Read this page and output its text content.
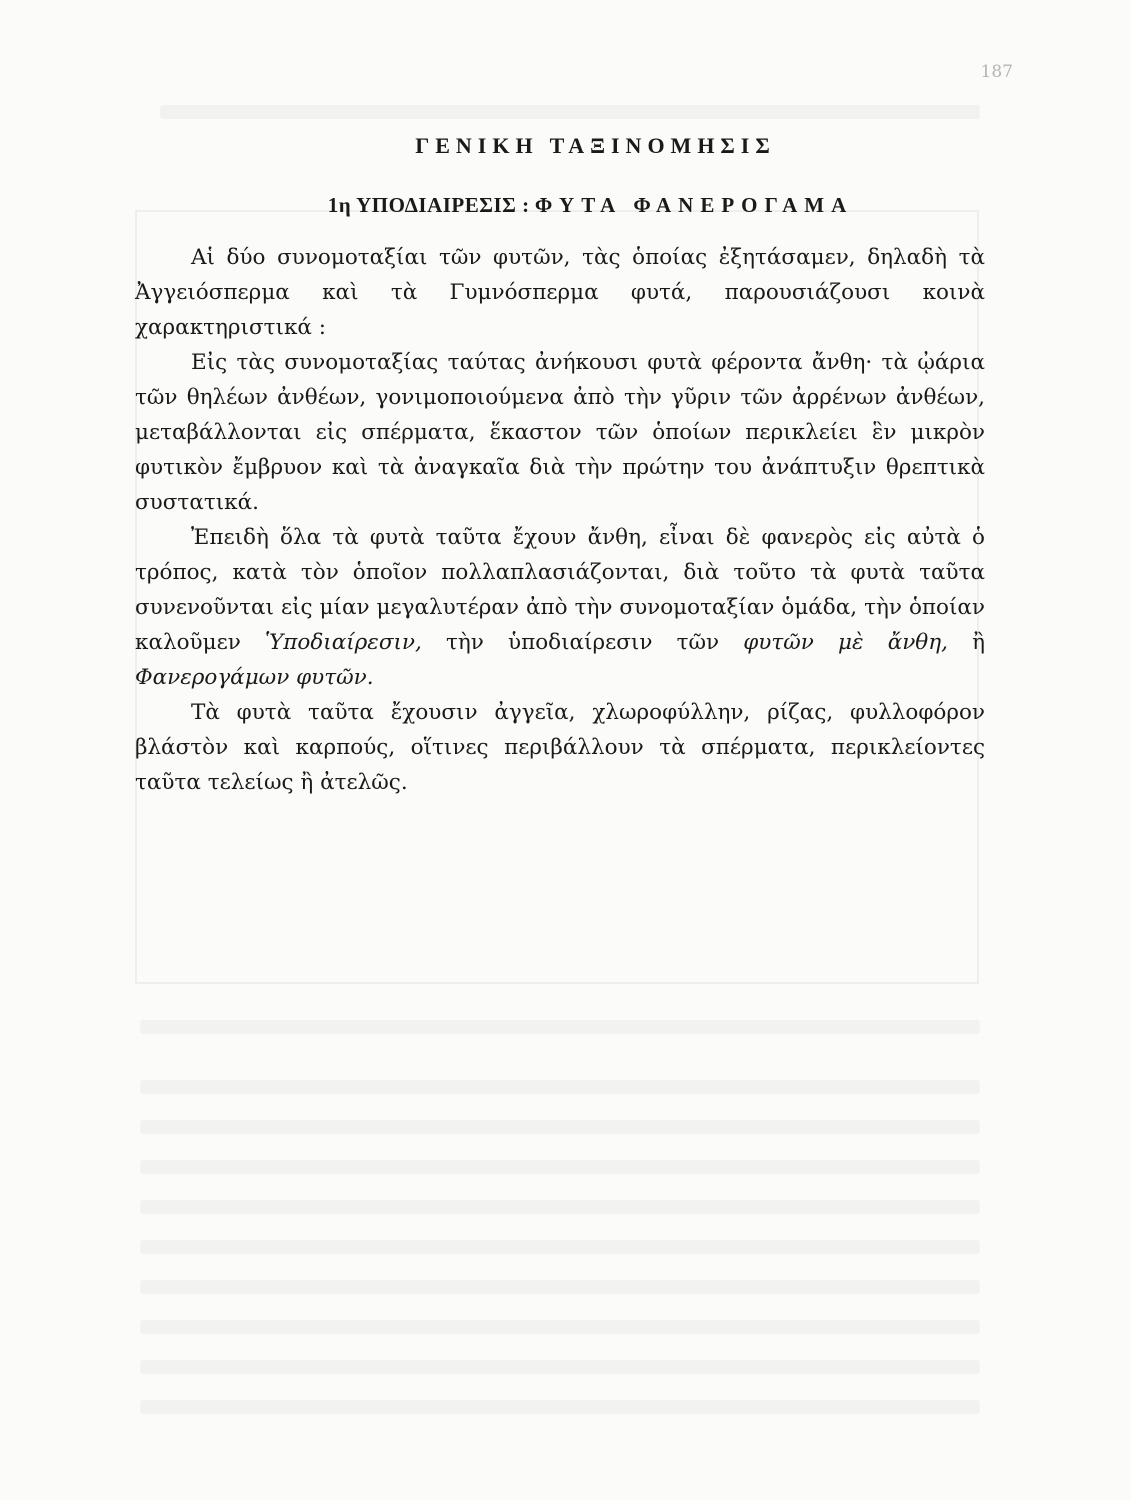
187
ΓΕΝΙΚΗ ΤΑΞΙΝΟΜΗΣΙΣ
1η ΥΠΟΔΙΑΙΡΕΣΙΣ : ΦΥΤΑ ΦΑΝΕΡΟΓΑΜΑ

Αἱ δύο συνομοταξίαι τῶν φυτῶν, τὰς ὁποίας ἐξητάσαμεν, δηλαδὴ τὰ Ἀγγειόσπερμα καὶ τὰ Γυμνόσπερμα φυτά, παρουσιάζουσι κοινὰ χαρακτηριστικά :

Εἰς τὰς συνομοταξίας ταύτας ἀνήκουσι φυτὰ φέροντα ἄνθη· τὰ ᾠάρια τῶν θηλέων ἀνθέων, γονιμοποιούμενα ἀπὸ τὴν γῦριν τῶν ἀρρένων ἀνθέων, μεταβάλλονται εἰς σπέρματα, ἕκαστον τῶν ὁποίων περικλείει ἓν μικρὸν φυτικὸν ἔμβρυον καὶ τὰ ἀναγκαῖα διὰ τὴν πρώτην του ἀνάπτυξιν θρεπτικὰ συστατικά.

Ἐπειδὴ ὅλα τὰ φυτὰ ταῦτα ἔχουν ἄνθη, εἶναι δὲ φανερὸς εἰς αὐτὰ ὁ τρόπος, κατὰ τὸν ὁποῖον πολλαπλασιάζονται, διὰ τοῦτο τὰ φυτὰ ταῦτα συνενοῦνται εἰς μίαν μεγαλυτέραν ἀπὸ τὴν συνομοταξίαν ὁμάδα, τὴν ὁποίαν καλοῦμεν Ὑποδιαίρεσιν, τὴν ὑποδιαίρεσιν τῶν φυτῶν μὲ ἄνθη, ἢ Φανερογάμων φυτῶν.

Τὰ φυτὰ ταῦτα ἔχουσιν ἀγγεῖα, χλωροφύλλην, ρίζας, φυλλοφόρον βλάστὸν καὶ καρπούς, οἵτινες περιβάλλουν τὰ σπέρματα, περικλείοντες ταῦτα τελείως ἢ ἀτελῶς.
